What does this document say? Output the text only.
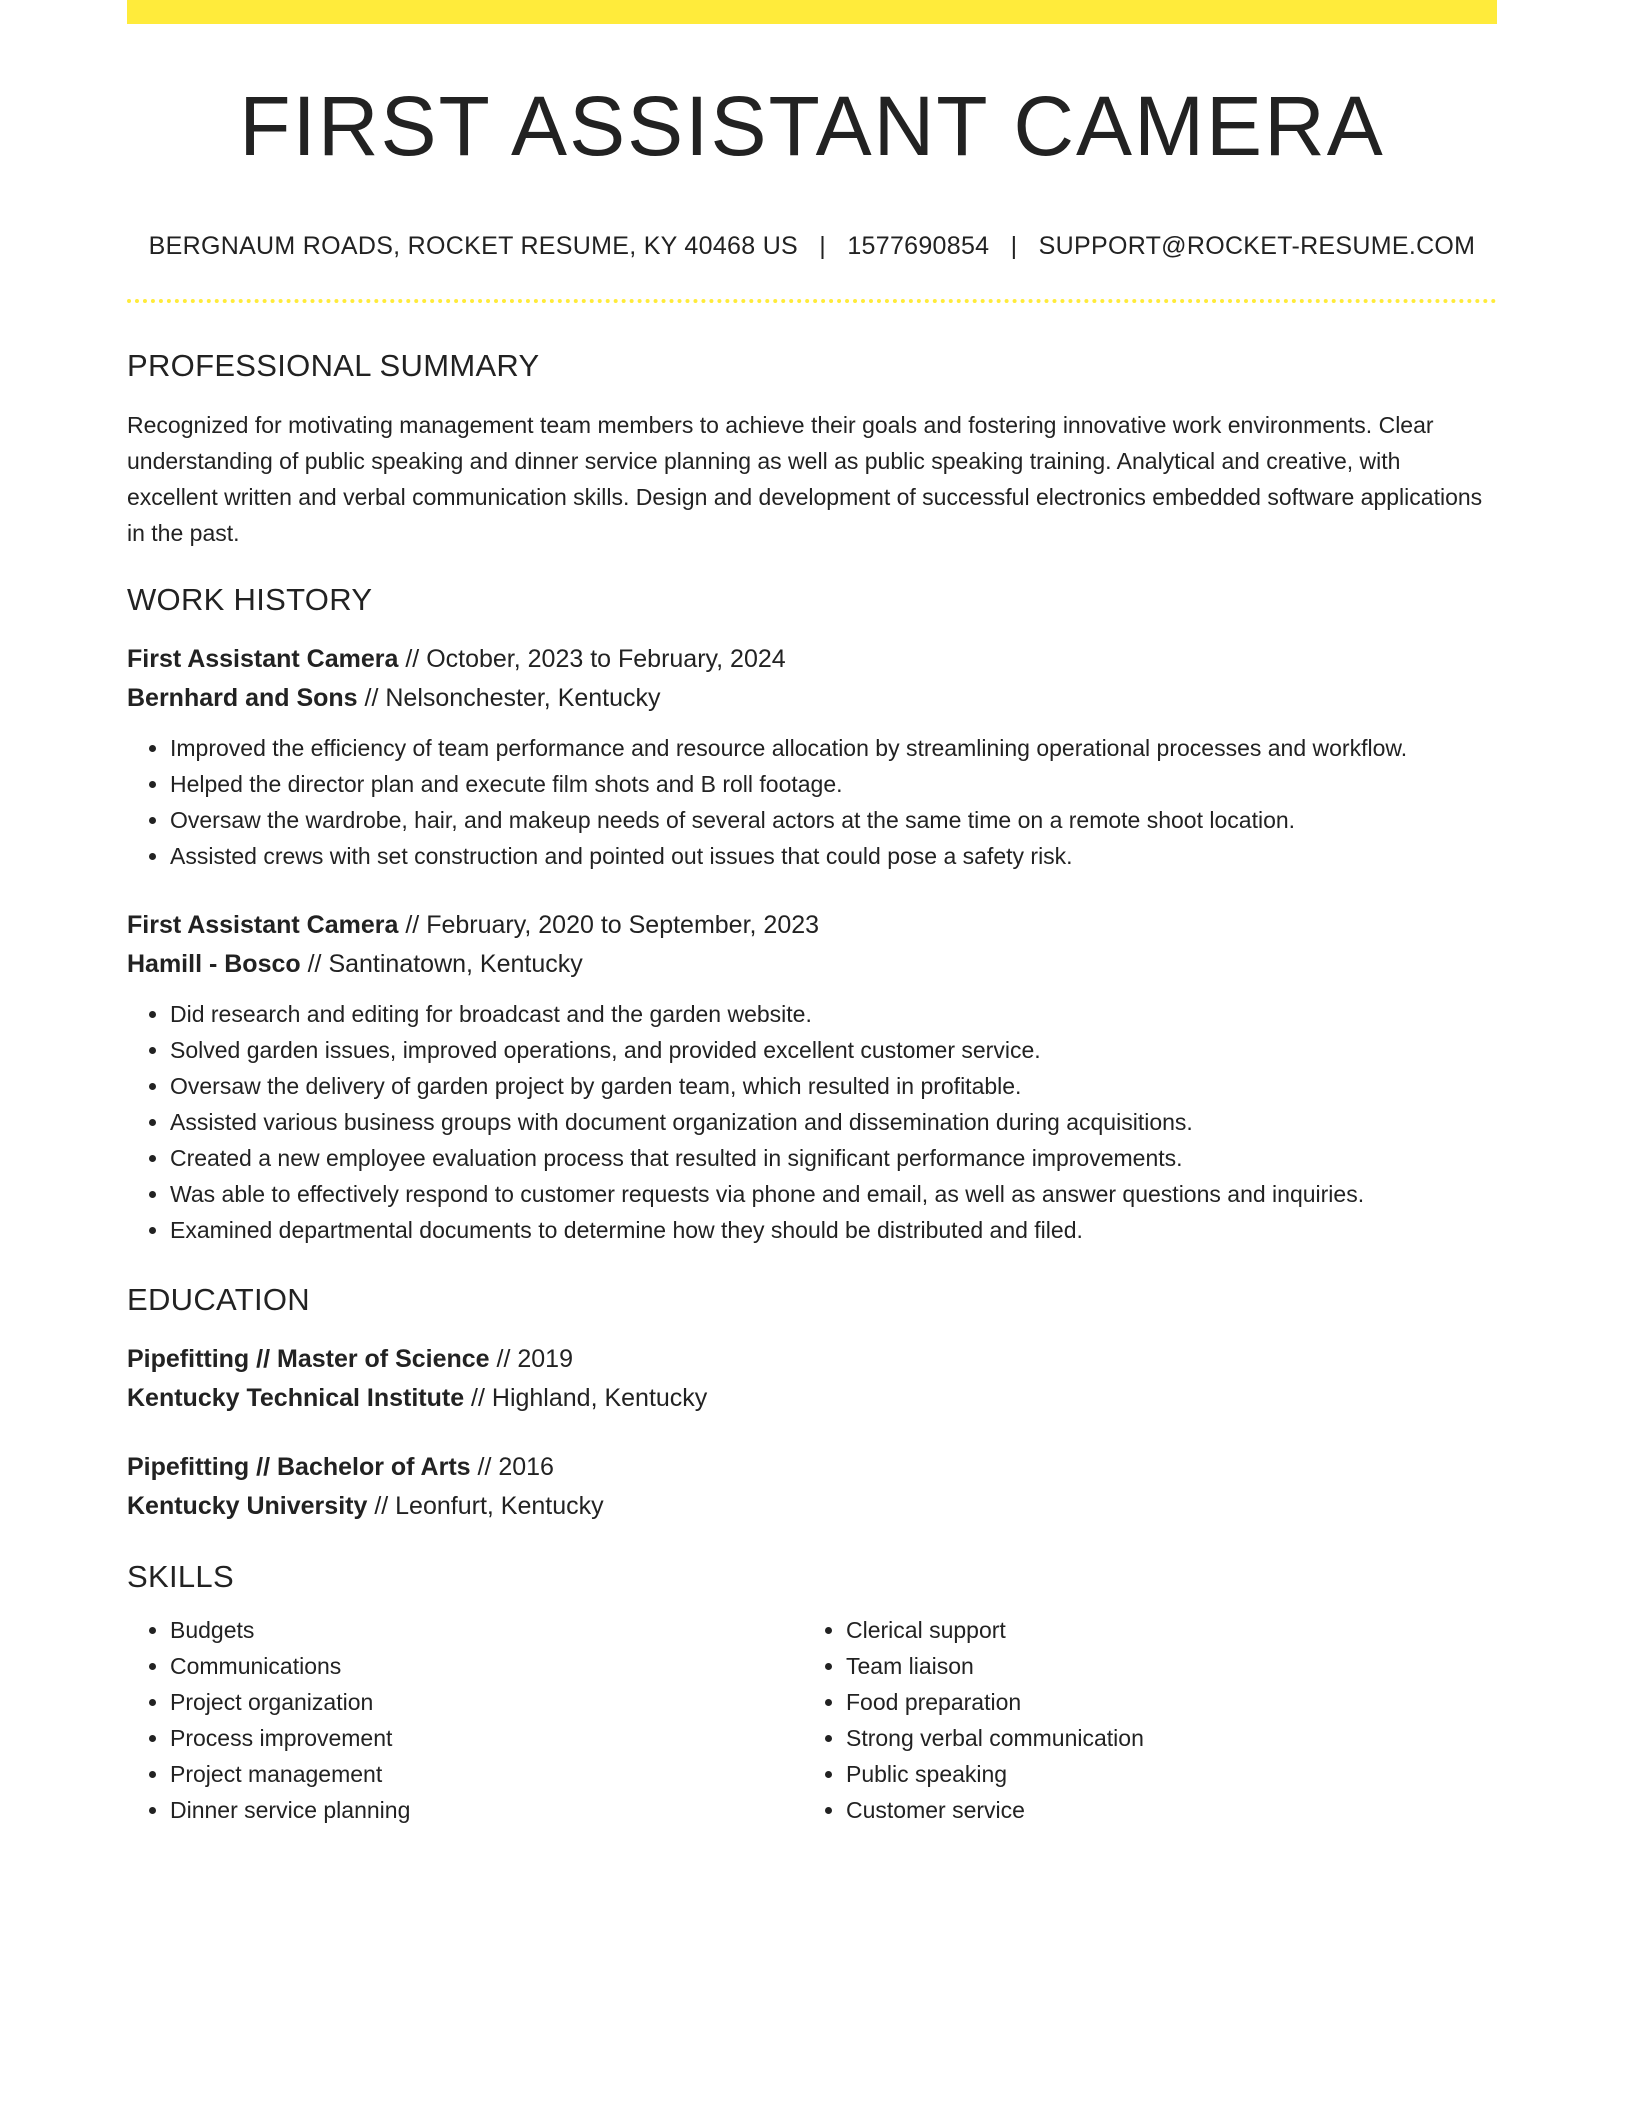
FIRST ASSISTANT CAMERA
BERGNAUM ROADS, ROCKET RESUME, KY 40468 US | 1577690854 | SUPPORT@ROCKET-RESUME.COM
PROFESSIONAL SUMMARY

Recognized for motivating management team members to achieve their goals and fostering innovative work environments. Clear understanding of public speaking and dinner service planning as well as public speaking training. Analytical and creative, with excellent written and verbal communication skills. Design and development of successful electronics embedded software applications in the past.

WORK HISTORY
First Assistant Camera // October, 2023 to February, 2024
Bernhard and Sons // Nelsonchester, Kentucky
• Improved the efficiency of team performance and resource allocation by streamlining operational processes and workflow.
• Helped the director plan and execute film shots and B roll footage.
• Oversaw the wardrobe, hair, and makeup needs of several actors at the same time on a remote shoot location.
• Assisted crews with set construction and pointed out issues that could pose a safety risk.
First Assistant Camera // February, 2020 to September, 2023
Hamill - Bosco // Santinatown, Kentucky
• Did research and editing for broadcast and the garden website.
• Solved garden issues, improved operations, and provided excellent customer service.
• Oversaw the delivery of garden project by garden team, which resulted in profitable.
• Assisted various business groups with document organization and dissemination during acquisitions.
• Created a new employee evaluation process that resulted in significant performance improvements.
• Was able to effectively respond to customer requests via phone and email, as well as answer questions and inquiries.
• Examined departmental documents to determine how they should be distributed and filed.
EDUCATION
Pipefitting // Master of Science // 2019
Kentucky Technical Institute // Highland, Kentucky
Pipefitting // Bachelor of Arts // 2016
Kentucky University // Leonfurt, Kentucky
SKILLS
• Budgets
• Communications
• Project organization
• Process improvement
• Project management
• Dinner service planning
• Clerical support
• Team liaison
• Food preparation
• Strong verbal communication
• Public speaking
• Customer service
